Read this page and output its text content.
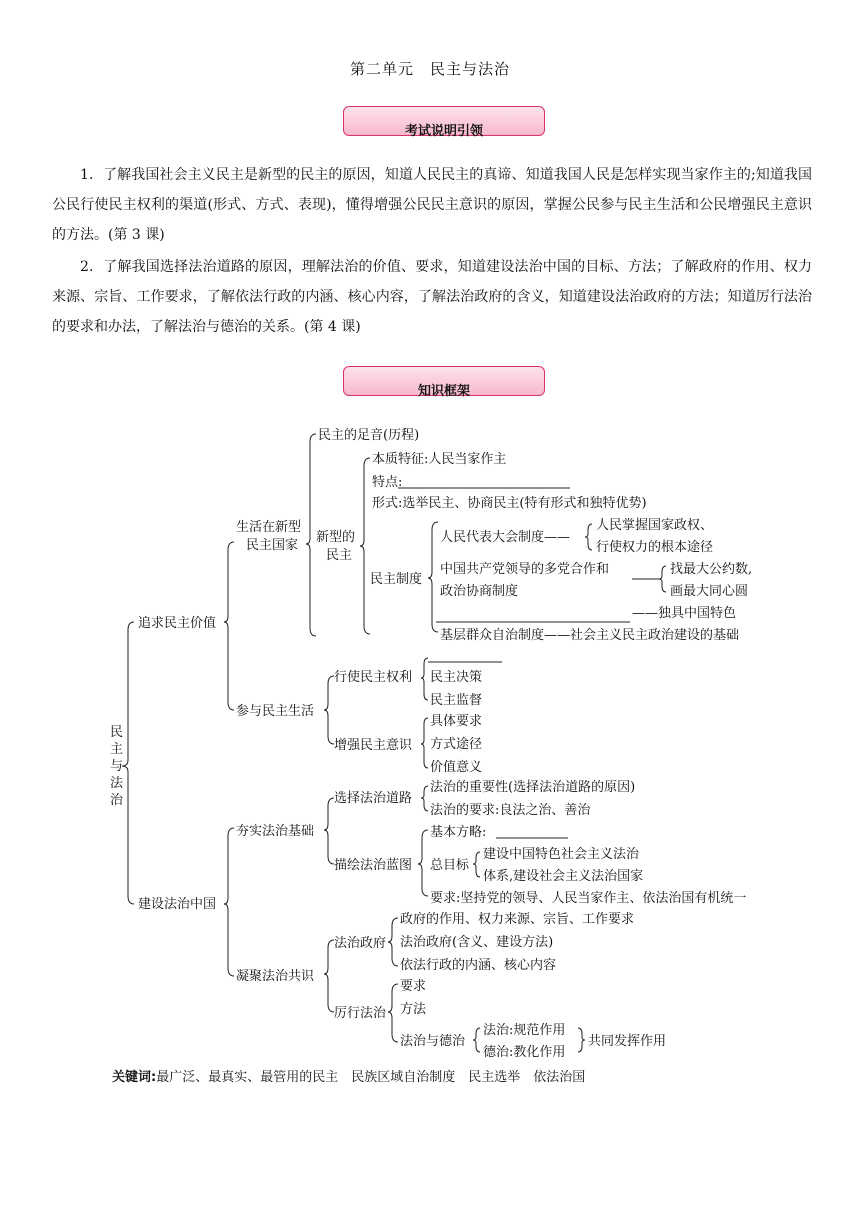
第二单元　民主与法治
考试说明引领
1．了解我国社会主义民主是新型的民主的原因，知道人民民主的真谛、知道我国人民是怎样实现当家作主的;知道我国公民行使民主权利的渠道(形式、方式、表现)，懂得增强公民民主意识的原因，掌握公民参与民主生活和公民增强民主意识的方法。(第 3 课)
2．了解我国选择法治道路的原因，理解法治的价值、要求，知道建设法治中国的目标、方法；了解政府的作用、权力来源、宗旨、工作要求，了解依法行政的内涵、核心内容，了解法治政府的含义，知道建设法治政府的方法；知道厉行法治的要求和办法，了解法治与德治的关系。(第 4 课)
知识框架
民主与法治
追求民主价值
生活在新型
民主国家
民主的足音(历程)
新型的
民主
本质特征:人民当家作主
特点:
形式:选举民主、协商民主(特有形式和独特优势)
民主制度
人民代表大会制度——
人民掌握国家政权、
行使权力的根本途径
中国共产党领导的多党合作和
政治协商制度
找最大公约数,
画最大同心圆
——独具中国特色
基层群众自治制度——社会主义民主政治建设的基础
参与民主生活
行使民主权利 民主决策
民主监督
增强民主意识
具体要求
方式途径
价值意义
建设法治中国
夯实法治基础
选择法治道路
法治的重要性(选择法治道路的原因)
法治的要求:良法之治、善治
描绘法治蓝图
基本方略:
总目标
建设中国特色社会主义法治
体系,建设社会主义法治国家
要求:坚持党的领导、人民当家作主、依法治国有机统一
凝聚法治共识
法治政府
政府的作用、权力来源、宗旨、工作要求
法治政府(含义、建设方法)
依法行政的内涵、核心内容
厉行法治
要求
方法
法治与德治
法治:规范作用
德治:教化作用
共同发挥作用
关键词:最广泛、最真实、最管用的民主　民族区域自治制度　民主选举　依法治国
